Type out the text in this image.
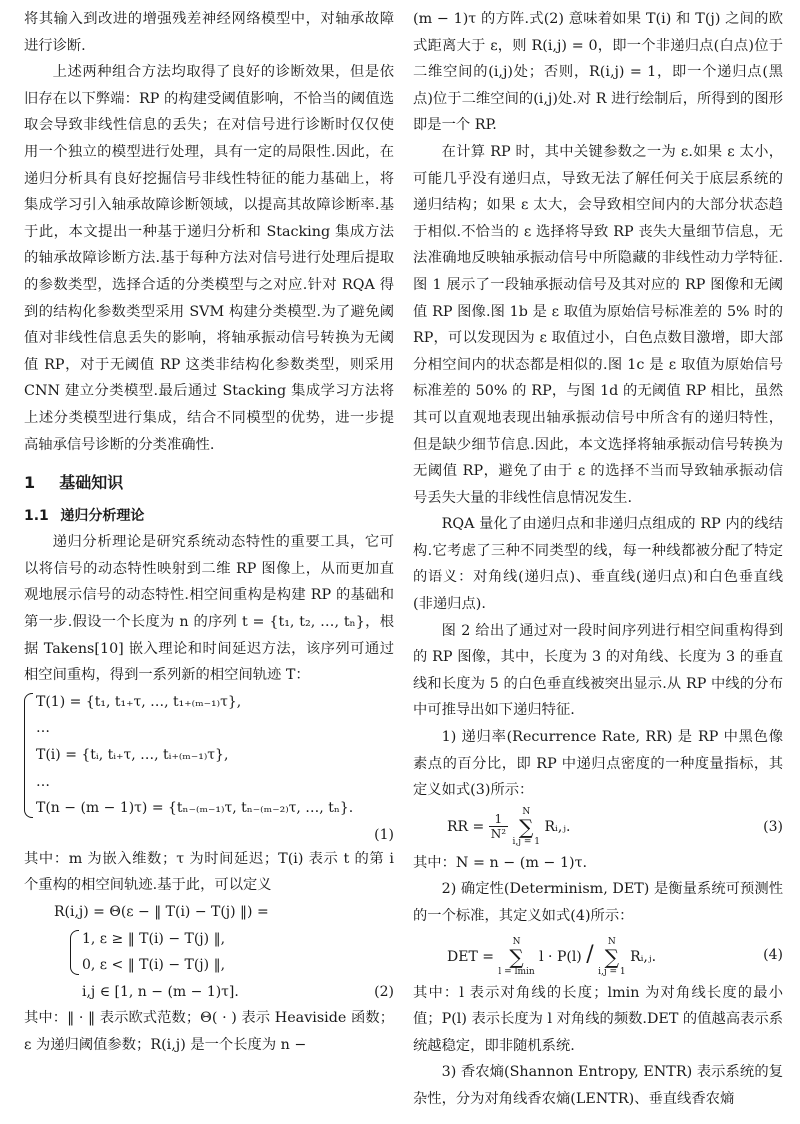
将其输入到改进的增强残差神经网络模型中，对轴承故障进行诊断.

上述两种组合方法均取得了良好的诊断效果，但是依旧存在以下弊端：RP 的构建受阈值影响，不恰当的阈值选取会导致非线性信息的丢失；在对信号进行诊断时仅仅使用一个独立的模型进行处理，具有一定的局限性.因此，在递归分析具有良好挖掘信号非线性特征的能力基础上，将集成学习引入轴承故障诊断领域，以提高其故障诊断率.基于此，本文提出一种基于递归分析和 Stacking 集成方法的轴承故障诊断方法.基于每种方法对信号进行处理后提取的参数类型，选择合适的分类模型与之对应.针对 RQA 得到的结构化参数类型采用 SVM 构建分类模型.为了避免阈值对非线性信息丢失的影响，将轴承振动信号转换为无阈值 RP，对于无阈值 RP 这类非结构化参数类型，则采用 CNN 建立分类模型.最后通过 Stacking 集成学习方法将上述分类模型进行集成，结合不同模型的优势，进一步提高轴承信号诊断的分类准确性.

1 基础知识
1.1 递归分析理论

递归分析理论是研究系统动态特性的重要工具，它可以将信号的动态特性映射到二维 RP 图像上，从而更加直观地展示信号的动态特性.相空间重构是构建 RP 的基础和第一步.假设一个长度为 n 的序列 t = {t₁, t₂, …, tₙ}，根据 Takens[10] 嵌入理论和时间延迟方法，该序列可通过相空间重构，得到一系列新的相空间轨迹 T：

T(1) = {t₁, t₁₊τ, …, t₁₊₍ₘ₋₁₎τ},
…
T(i) = {tᵢ, tᵢ₊τ, …, tᵢ₊₍ₘ₋₁₎τ},
…
T(n − (m − 1)τ) = {tₙ₋₍ₘ₋₁₎τ, tₙ₋₍ₘ₋₂₎τ, …, tₙ}.
(1)

其中：m 为嵌入维数；τ 为时间延迟；T(i) 表示 t 的第 i 个重构的相空间轨迹.基于此，可以定义

R(i,j) = Θ(ε − ‖ T(i) − T(j) ‖) =
1, ε ≥ ‖ T(i) − T(j) ‖,
0, ε < ‖ T(i) − T(j) ‖,
i,j ∈ [1, n − (m − 1)τ].	(2)

其中：‖ · ‖ 表示欧式范数；Θ( · ) 表示 Heaviside 函数；ε 为递归阈值参数；R(i,j) 是一个长度为 n −

(m − 1)τ 的方阵.式(2) 意味着如果 T(i) 和 T(j) 之间的欧式距离大于 ε，则 R(i,j) = 0，即一个非递归点(白点)位于二维空间的(i,j)处；否则，R(i,j) = 1，即一个递归点(黑点)位于二维空间的(i,j)处.对 R 进行绘制后，所得到的图形即是一个 RP.

在计算 RP 时，其中关键参数之一为 ε.如果 ε 太小，可能几乎没有递归点，导致无法了解任何关于底层系统的递归结构；如果 ε 太大，会导致相空间内的大部分状态趋于相似.不恰当的 ε 选择将导致 RP 丧失大量细节信息，无法准确地反映轴承振动信号中所隐藏的非线性动力学特征.图 1 展示了一段轴承振动信号及其对应的 RP 图像和无阈值 RP 图像.图 1b 是 ε 取值为原始信号标准差的 5% 时的 RP，可以发现因为 ε 取值过小，白色点数目激增，即大部分相空间内的状态都是相似的.图 1c 是 ε 取值为原始信号标准差的 50% 的 RP，与图 1d 的无阈值 RP 相比，虽然其可以直观地表现出轴承振动信号中所含有的递归特性，但是缺少细节信息.因此，本文选择将轴承振动信号转换为无阈值 RP，避免了由于 ε 的选择不当而导致轴承振动信号丢失大量的非线性信息情况发生.

RQA 量化了由递归点和非递归点组成的 RP 内的线结构.它考虑了三种不同类型的线，每一种线都被分配了特定的语义：对角线(递归点)、垂直线(递归点)和白色垂直线(非递归点).

图 2 给出了通过对一段时间序列进行相空间重构得到的 RP 图像，其中，长度为 3 的对角线、长度为 3 的垂直线和长度为 5 的白色垂直线被突出显示.从 RP 中线的分布中可推导出如下递归特征.

1) 递归率(Recurrence Rate, RR) 是 RP 中黑色像素点的百分比，即 RP 中递归点密度的一种度量指标，其定义如式(3)所示：

RR = $\frac{1}{\text{N²}}$
N
∑
i,j = 1 Rᵢ,ⱼ.	(3)

其中：N = n − (m − 1)τ.

2) 确定性(Determinism, DET) 是衡量系统可预测性的一个标准，其定义如式(4)所示：

DET = N
∑
l = lmin l · P(l) / N
∑
i,j = 1 Rᵢ,ⱼ.	(4)

其中：l 表示对角线的长度；lmin 为对角线长度的最小值；P(l) 表示长度为 l 对角线的频数.DET 的值越高表示系统越稳定，即非随机系统.

3) 香农熵(Shannon Entropy, ENTR) 表示系统的复杂性，分为对角线香农熵(LENTR)、垂直线香农熵
